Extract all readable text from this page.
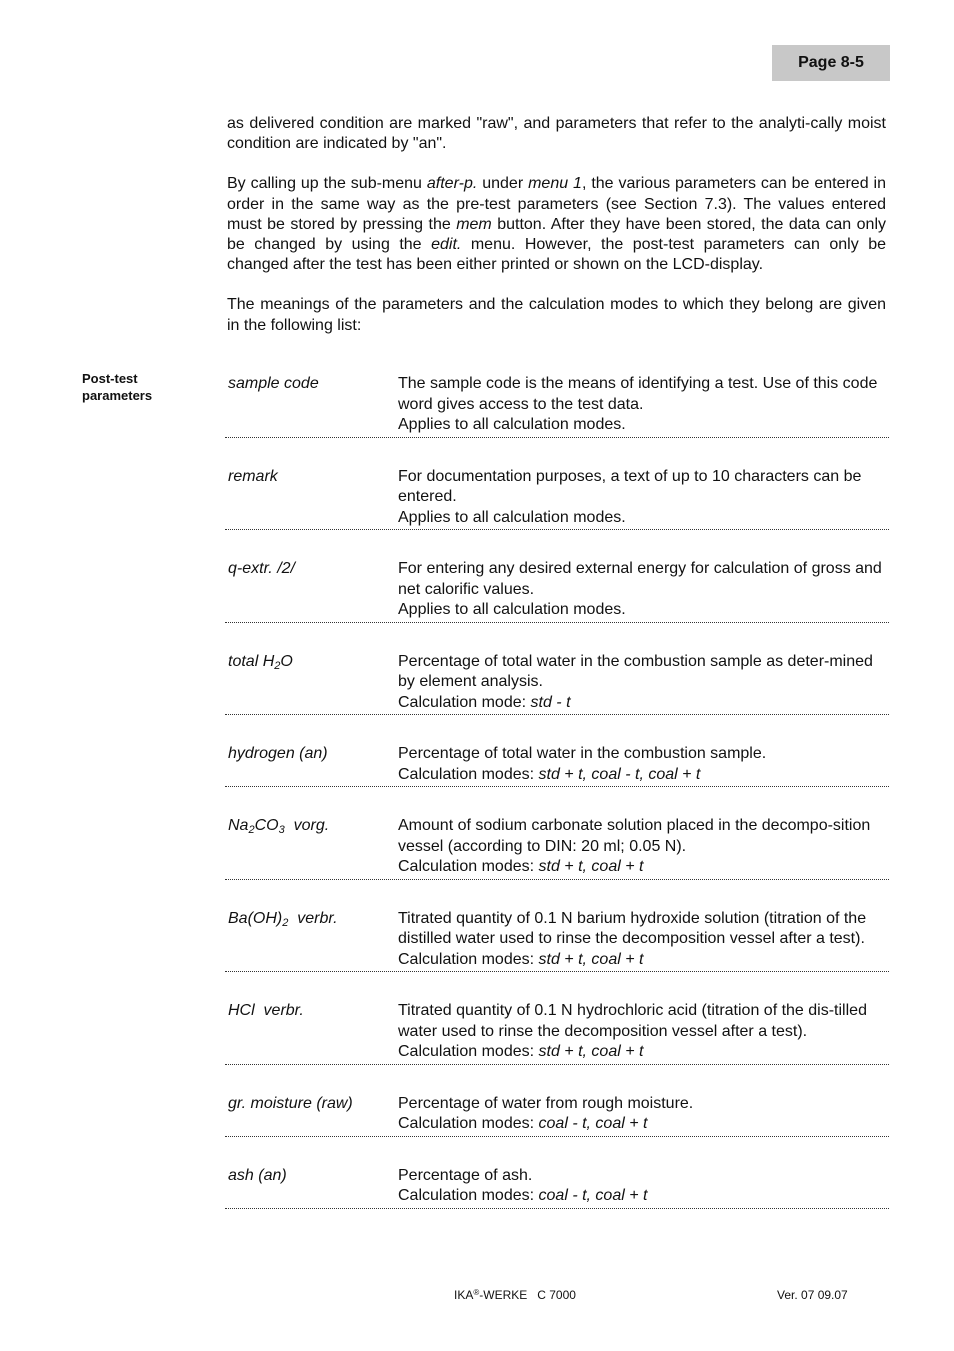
Page 8-5

as delivered condition are marked "raw", and parameters that refer to the analyti-cally moist condition are indicated by "an".

By calling up the sub-menu after-p. under menu 1, the various parameters can be entered in order in the same way as the pre-test parameters (see Section 7.3). The values entered must be stored by pressing the mem button. After they have been stored, the data can only be changed by using the edit. menu. However, the post-test parameters can only be changed after the test has been either printed or shown on the LCD-display.

The meanings of the parameters and the calculation modes to which they belong are given in the following list:

Post-test
parameters
sample code	The sample code is the means of identifying a test. Use of this code word gives access to the test data.
Applies to all calculation modes.
remark	For documentation purposes, a text of up to 10 characters can be entered.
Applies to all calculation modes.
q-extr. /2/	For entering any desired external energy for calculation of gross and net calorific values.
Applies to all calculation modes.
total $H_2O$	Percentage of total water in the combustion sample as deter-mined by element analysis.
Calculation mode: std - t
hydrogen (an)	Percentage of total water in the combustion sample.
Calculation modes: std + t, coal - t, coal + t
$Na_2CO_3$  vorg.	Amount of sodium carbonate solution placed in the decompo-sition vessel (according to DIN: 20 ml; 0.05 N).
Calculation modes: std + t, coal + t
$Ba(OH)_2$  verbr.	Titrated quantity of 0.1 N barium hydroxide solution (titration of the distilled water used to rinse the decomposition vessel after a test).
Calculation modes: std + t, coal + t
HCl  verbr.	Titrated quantity of 0.1 N hydrochloric acid (titration of the dis-tilled water used to rinse the decomposition vessel after a test).
Calculation modes: std + t, coal + t
gr. moisture (raw)	Percentage of water from rough moisture.
Calculation modes: coal - t, coal + t
ash (an)	Percentage of ash.
Calculation modes: coal - t, coal + t
IKA®-WERKE   C 7000	Ver. 07 09.07
